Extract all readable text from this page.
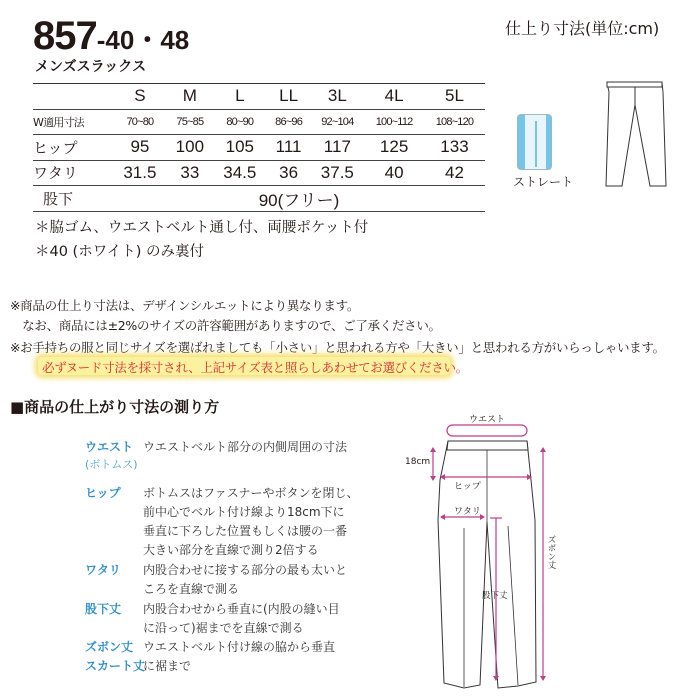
857-40・48
メンズスラックス
仕上り寸法(単位:cm)
	S	M	L	LL	3L	4L	5L
W適用寸法	70~80	75~85	80~90	86~96	92~104	100~112	108~120
ヒップ	95	100	105	111	117	125	133
ワタリ	31.5	33	34.5	36	37.5	40	42
股下	90(フリー)						
＊脇ゴム、ウエストベルト通し付、両腰ポケット付
＊40 (ホワイト) のみ裏付
ストレート
※商品の仕上り寸法は、デザインシルエットにより異なります。
　なお、商品には±2%のサイズの許容範囲がありますので、ご了承ください。
※お手持ちの服と同じサイズを選ばれましても「小さい」と思われる方や「大きい」と思われる方がいらっしゃいます。
必ずヌード寸法を採寸され、上記サイズ表と照らしあわせてお選びください。
■商品の仕上がり寸法の測り方
ウエスト
(ボトムス)
ウエストベルト部分の内側周囲の寸法
ヒップ ボトムスはファスナーやボタンを閉じ、
前中心でベルト付け線より18cm下に
垂直に下ろした位置もしくは腰の一番
大きい部分を直線で測り2倍する
ワタリ 内股合わせに接する部分の最も太いと
ころを直線で測る
股下丈 内股合わせから垂直に(内股の縫い目
に沿って)裾までを直線で測る
ズボン丈
スカート丈
ウエストベルト付け線の脇から垂直
に裾まで
ウエスト
18cm
ヒップ
ワタリ
股下丈
ズボン丈
